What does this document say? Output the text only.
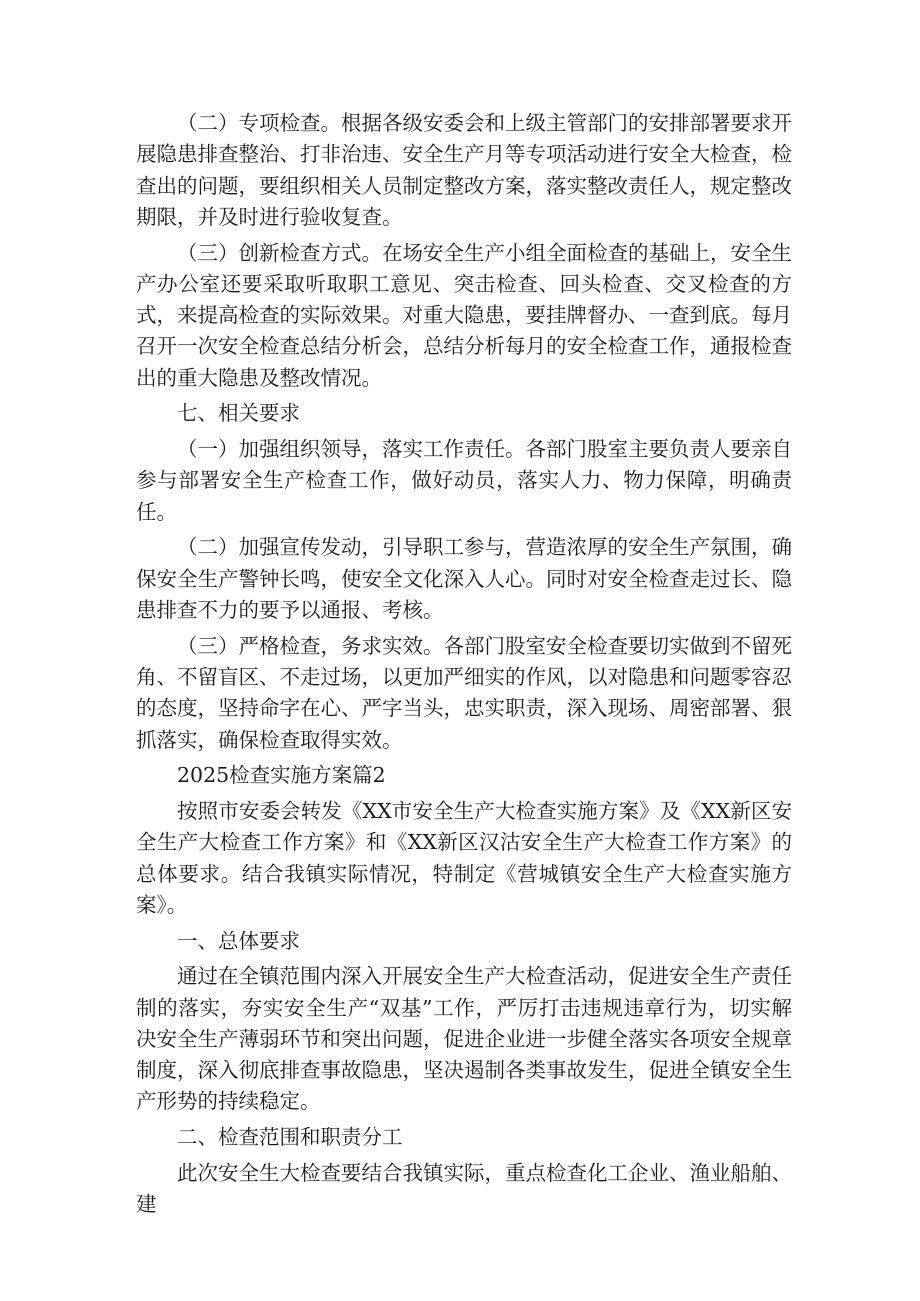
（二）专项检查。根据各级安委会和上级主管部门的安排部署要求开展隐患排查整治、打非治违、安全生产月等专项活动进行安全大检查，检查出的问题，要组织相关人员制定整改方案，落实整改责任人，规定整改期限，并及时进行验收复查。

（三）创新检查方式。在场安全生产小组全面检查的基础上，安全生产办公室还要采取听取职工意见、突击检查、回头检查、交叉检查的方式，来提高检查的实际效果。对重大隐患，要挂牌督办、一查到底。每月召开一次安全检查总结分析会，总结分析每月的安全检查工作，通报检查出的重大隐患及整改情况。

七、相关要求

（一）加强组织领导，落实工作责任。各部门股室主要负责人要亲自参与部署安全生产检查工作，做好动员，落实人力、物力保障，明确责任。

（二）加强宣传发动，引导职工参与，营造浓厚的安全生产氛围，确保安全生产警钟长鸣，使安全文化深入人心。同时对安全检查走过长、隐患排查不力的要予以通报、考核。

（三）严格检查，务求实效。各部门股室安全检查要切实做到不留死角、不留盲区、不走过场，以更加严细实的作风，以对隐患和问题零容忍的态度，坚持命字在心、严字当头，忠实职责，深入现场、周密部署、狠抓落实，确保检查取得实效。

2025检查实施方案篇2

按照市安委会转发《XX市安全生产大检查实施方案》及《XX新区安全生产大检查工作方案》和《XX新区汉沽安全生产大检查工作方案》的总体要求。结合我镇实际情况，特制定《营城镇安全生产大检查实施方案》。

一、总体要求

通过在全镇范围内深入开展安全生产大检查活动，促进安全生产责任制的落实，夯实安全生产“双基”工作，严厉打击违规违章行为，切实解决安全生产薄弱环节和突出问题，促进企业进一步健全落实各项安全规章制度，深入彻底排查事故隐患，坚决遏制各类事故发生，促进全镇安全生产形势的持续稳定。

二、检查范围和职责分工

此次安全生大检查要结合我镇实际，重点检查化工企业、渔业船舶、建
